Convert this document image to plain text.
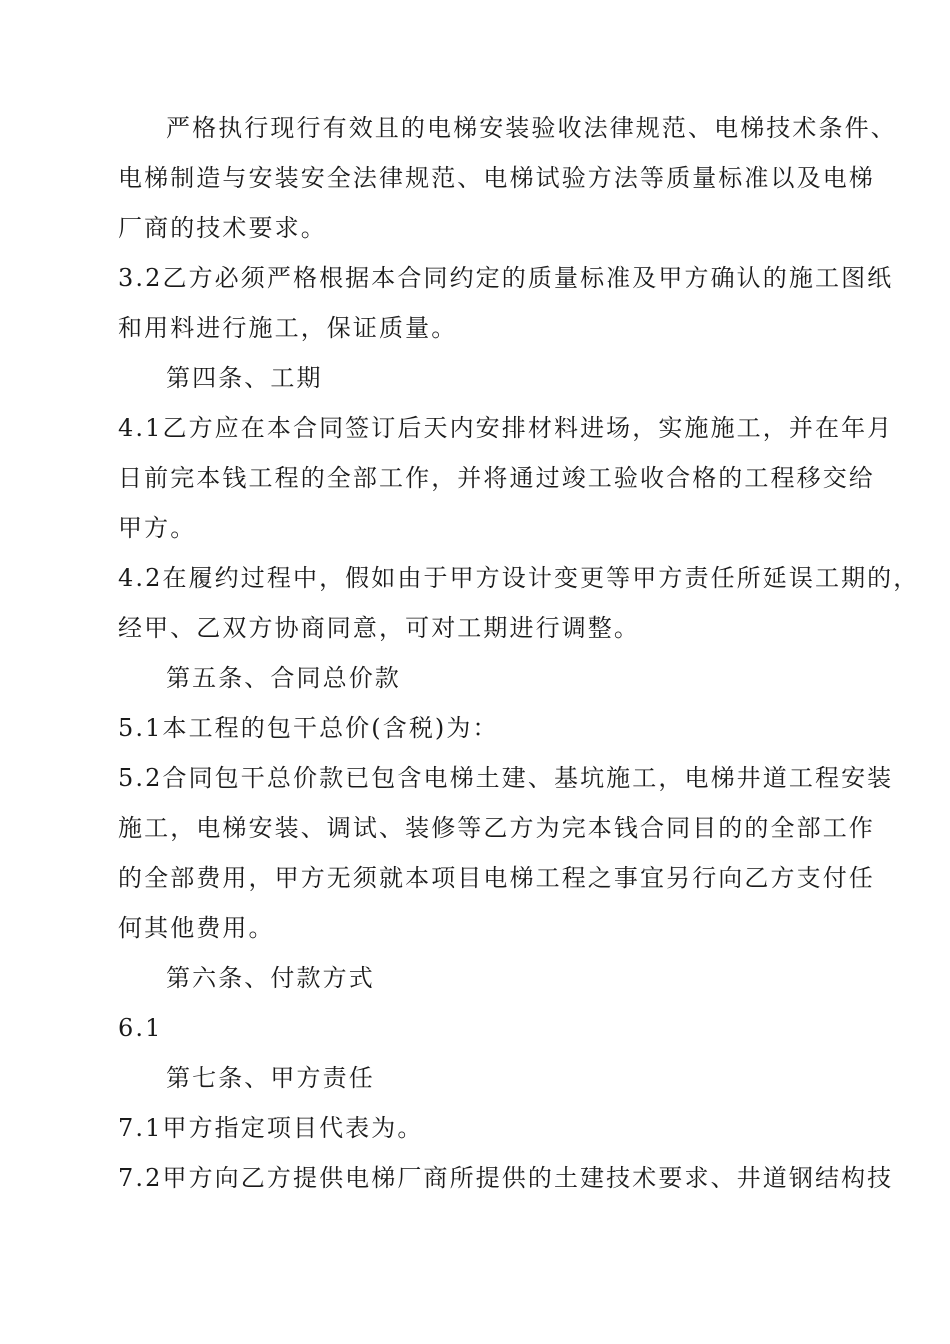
严格执行现行有效且的电梯安装验收法律规范、电梯技术条件、

电梯制造与安装安全法律规范、电梯试验方法等质量标准以及电梯

厂商的技术要求。

3.2乙方必须严格根据本合同约定的质量标准及甲方确认的施工图纸

和用料进行施工，保证质量。

第四条、工期

4.1乙方应在本合同签订后天内安排材料进场，实施施工，并在年月

日前完本钱工程的全部工作，并将通过竣工验收合格的工程移交给

甲方。

4.2在履约过程中，假如由于甲方设计变更等甲方责任所延误工期的，

经甲、乙双方协商同意，可对工期进行调整。

第五条、合同总价款

5.1本工程的包干总价(含税)为：

5.2合同包干总价款已包含电梯土建、基坑施工，电梯井道工程安装

施工，电梯安装、调试、装修等乙方为完本钱合同目的的全部工作

的全部费用，甲方无须就本项目电梯工程之事宜另行向乙方支付任

何其他费用。

第六条、付款方式

6.1

第七条、甲方责任

7.1甲方指定项目代表为。

7.2甲方向乙方提供电梯厂商所提供的土建技术要求、井道钢结构技
